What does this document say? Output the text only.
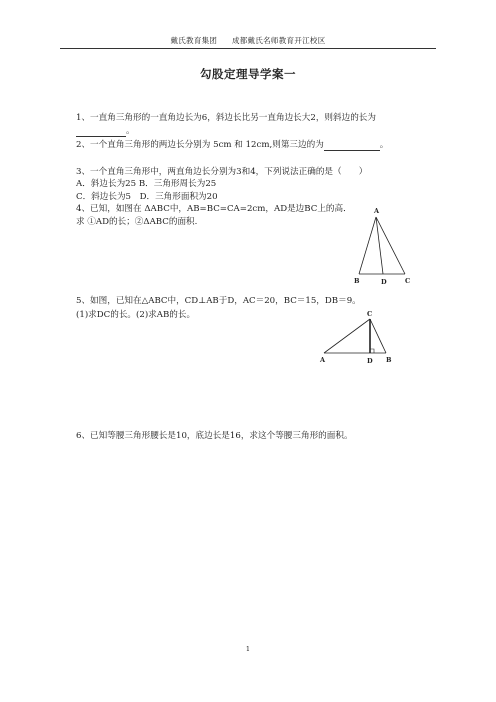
戴氏教育集团 成都戴氏名师教育开江校区
勾股定理导学案一
1、一直角三角形的一直角边长为6，斜边长比另一直角边长大2，则斜边的长为
。
2、一个直角三角形的两边长分别为 5cm 和 12cm,则第三边的为	。
3、一个直角三角形中，两直角边长分别为3和4，下列说法正确的是（　　）
A．斜边长为25 B．三角形周长为25
C．斜边长为5　D．三角形面积为20
4、已知，如图在 ΔABC中，AB=BC=CA=2cm，AD是边BC上的高．
求 ①AD的长；②ΔABC的面积.
A
B	D	C
5、如图，已知在△ABC中，CD⊥AB于D，AC＝20，BC＝15，DB＝9。
(1)求DC的长。(2)求AB的长。	C
A	D B
6、已知等腰三角形腰长是10，底边长是16，求这个等腰三角形的面积。
1
